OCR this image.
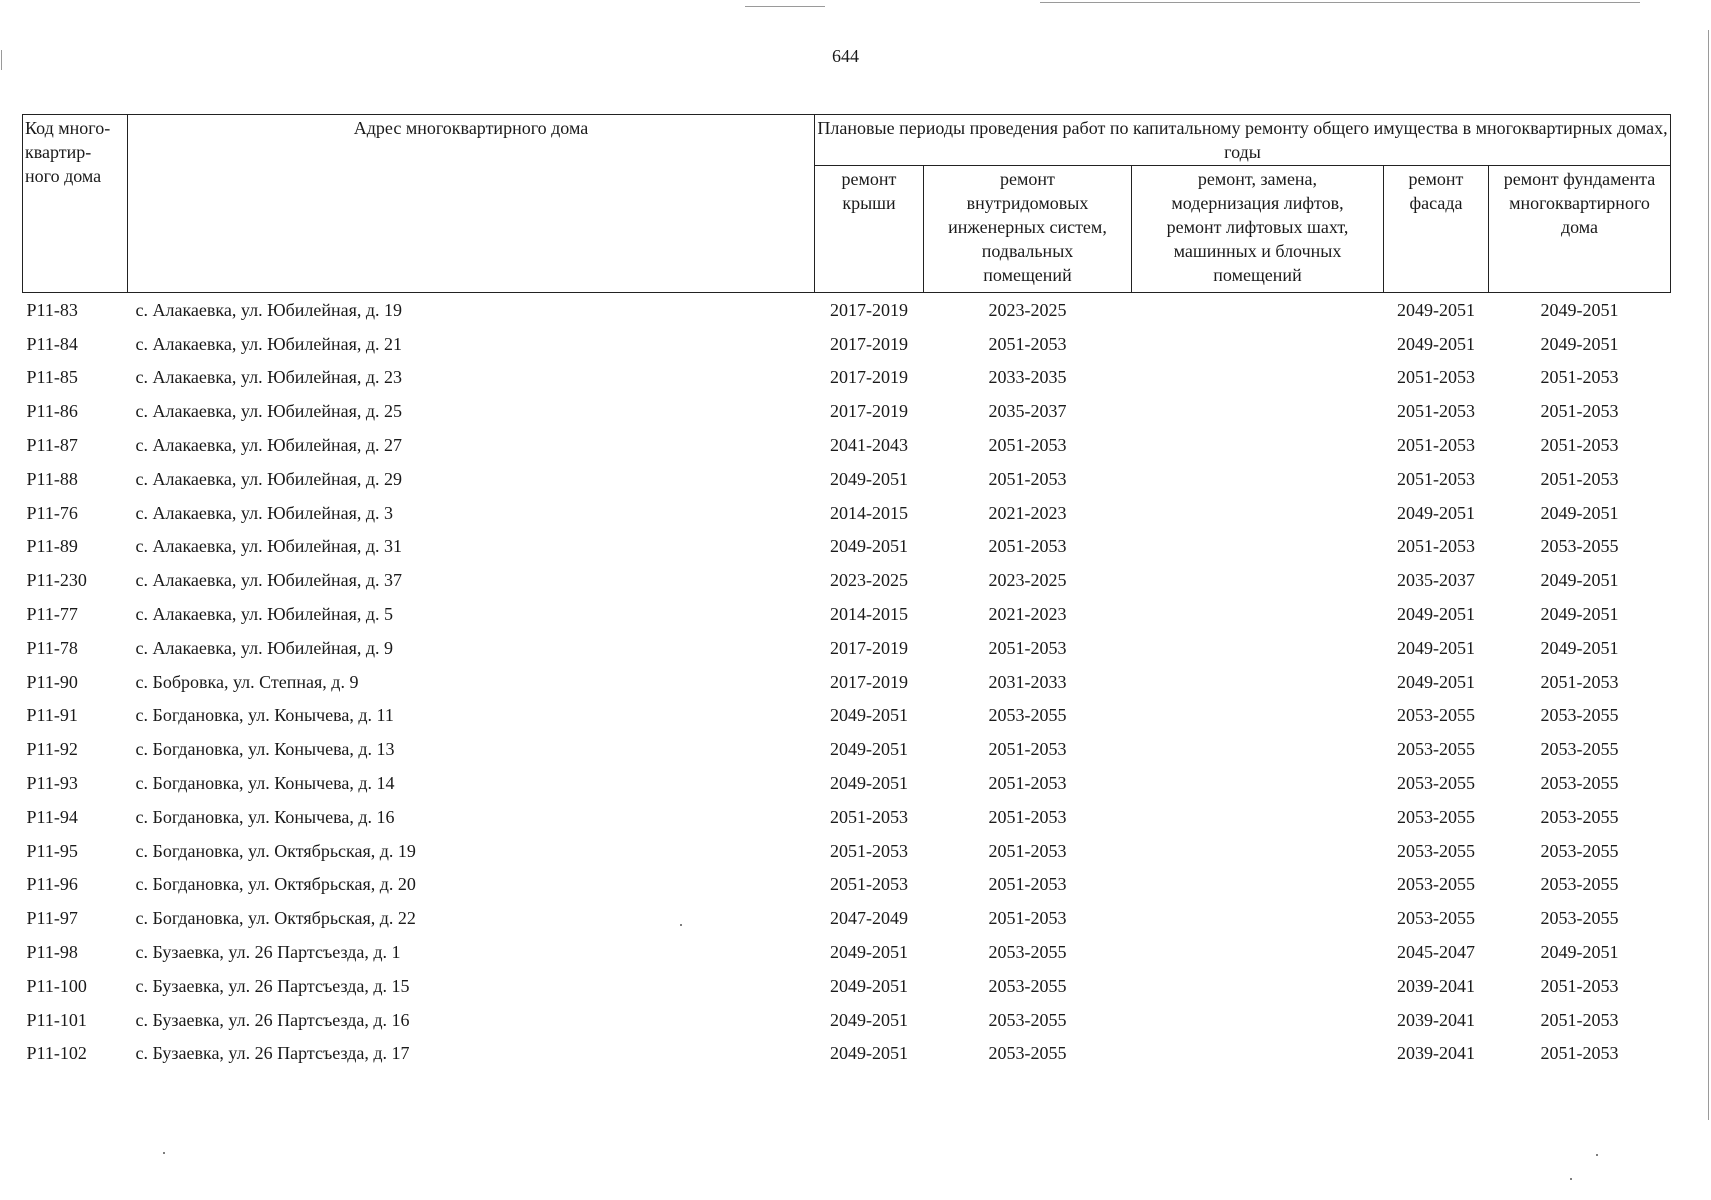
644
Код много-
квартир-
ного дома	Адрес многоквартирного дома	Плановые периоды проведения работ по капитальному ремонту общего имущества в многоквартирных домах, годы				
		ремонт
крыши	ремонт
внутридомовых
инженерных систем,
подвальных
помещений	ремонт, замена,
модернизация лифтов,
ремонт лифтовых шахт,
машинных и блочных
помещений	ремонт
фасада	ремонт фундамента
многоквартирного
дома
Р11-83	с. Алакаевка, ул. Юбилейная, д. 19	2017-2019	2023-2025		2049-2051	2049-2051
Р11-84	с. Алакаевка, ул. Юбилейная, д. 21	2017-2019	2051-2053		2049-2051	2049-2051
Р11-85	с. Алакаевка, ул. Юбилейная, д. 23	2017-2019	2033-2035		2051-2053	2051-2053
Р11-86	с. Алакаевка, ул. Юбилейная, д. 25	2017-2019	2035-2037		2051-2053	2051-2053
Р11-87	с. Алакаевка, ул. Юбилейная, д. 27	2041-2043	2051-2053		2051-2053	2051-2053
Р11-88	с. Алакаевка, ул. Юбилейная, д. 29	2049-2051	2051-2053		2051-2053	2051-2053
Р11-76	с. Алакаевка, ул. Юбилейная, д. 3	2014-2015	2021-2023		2049-2051	2049-2051
Р11-89	с. Алакаевка, ул. Юбилейная, д. 31	2049-2051	2051-2053		2051-2053	2053-2055
Р11-230	с. Алакаевка, ул. Юбилейная, д. 37	2023-2025	2023-2025		2035-2037	2049-2051
Р11-77	с. Алакаевка, ул. Юбилейная, д. 5	2014-2015	2021-2023		2049-2051	2049-2051
Р11-78	с. Алакаевка, ул. Юбилейная, д. 9	2017-2019	2051-2053		2049-2051	2049-2051
Р11-90	с. Бобровка, ул. Степная, д. 9	2017-2019	2031-2033		2049-2051	2051-2053
Р11-91	с. Богдановка, ул. Конычева, д. 11	2049-2051	2053-2055		2053-2055	2053-2055
Р11-92	с. Богдановка, ул. Конычева, д. 13	2049-2051	2051-2053		2053-2055	2053-2055
Р11-93	с. Богдановка, ул. Конычева, д. 14	2049-2051	2051-2053		2053-2055	2053-2055
Р11-94	с. Богдановка, ул. Конычева, д. 16	2051-2053	2051-2053		2053-2055	2053-2055
Р11-95	с. Богдановка, ул. Октябрьская, д. 19	2051-2053	2051-2053		2053-2055	2053-2055
Р11-96	с. Богдановка, ул. Октябрьская, д. 20	2051-2053	2051-2053		2053-2055	2053-2055
Р11-97	с. Богдановка, ул. Октябрьская, д. 22	2047-2049	2051-2053		2053-2055	2053-2055
Р11-98	с. Бузаевка, ул. 26 Партсъезда, д. 1	2049-2051	2053-2055		2045-2047	2049-2051
Р11-100	с. Бузаевка, ул. 26 Партсъезда, д. 15	2049-2051	2053-2055		2039-2041	2051-2053
Р11-101	с. Бузаевка, ул. 26 Партсъезда, д. 16	2049-2051	2053-2055		2039-2041	2051-2053
Р11-102	с. Бузаевка, ул. 26 Партсъезда, д. 17	2049-2051	2053-2055		2039-2041	2051-2053
